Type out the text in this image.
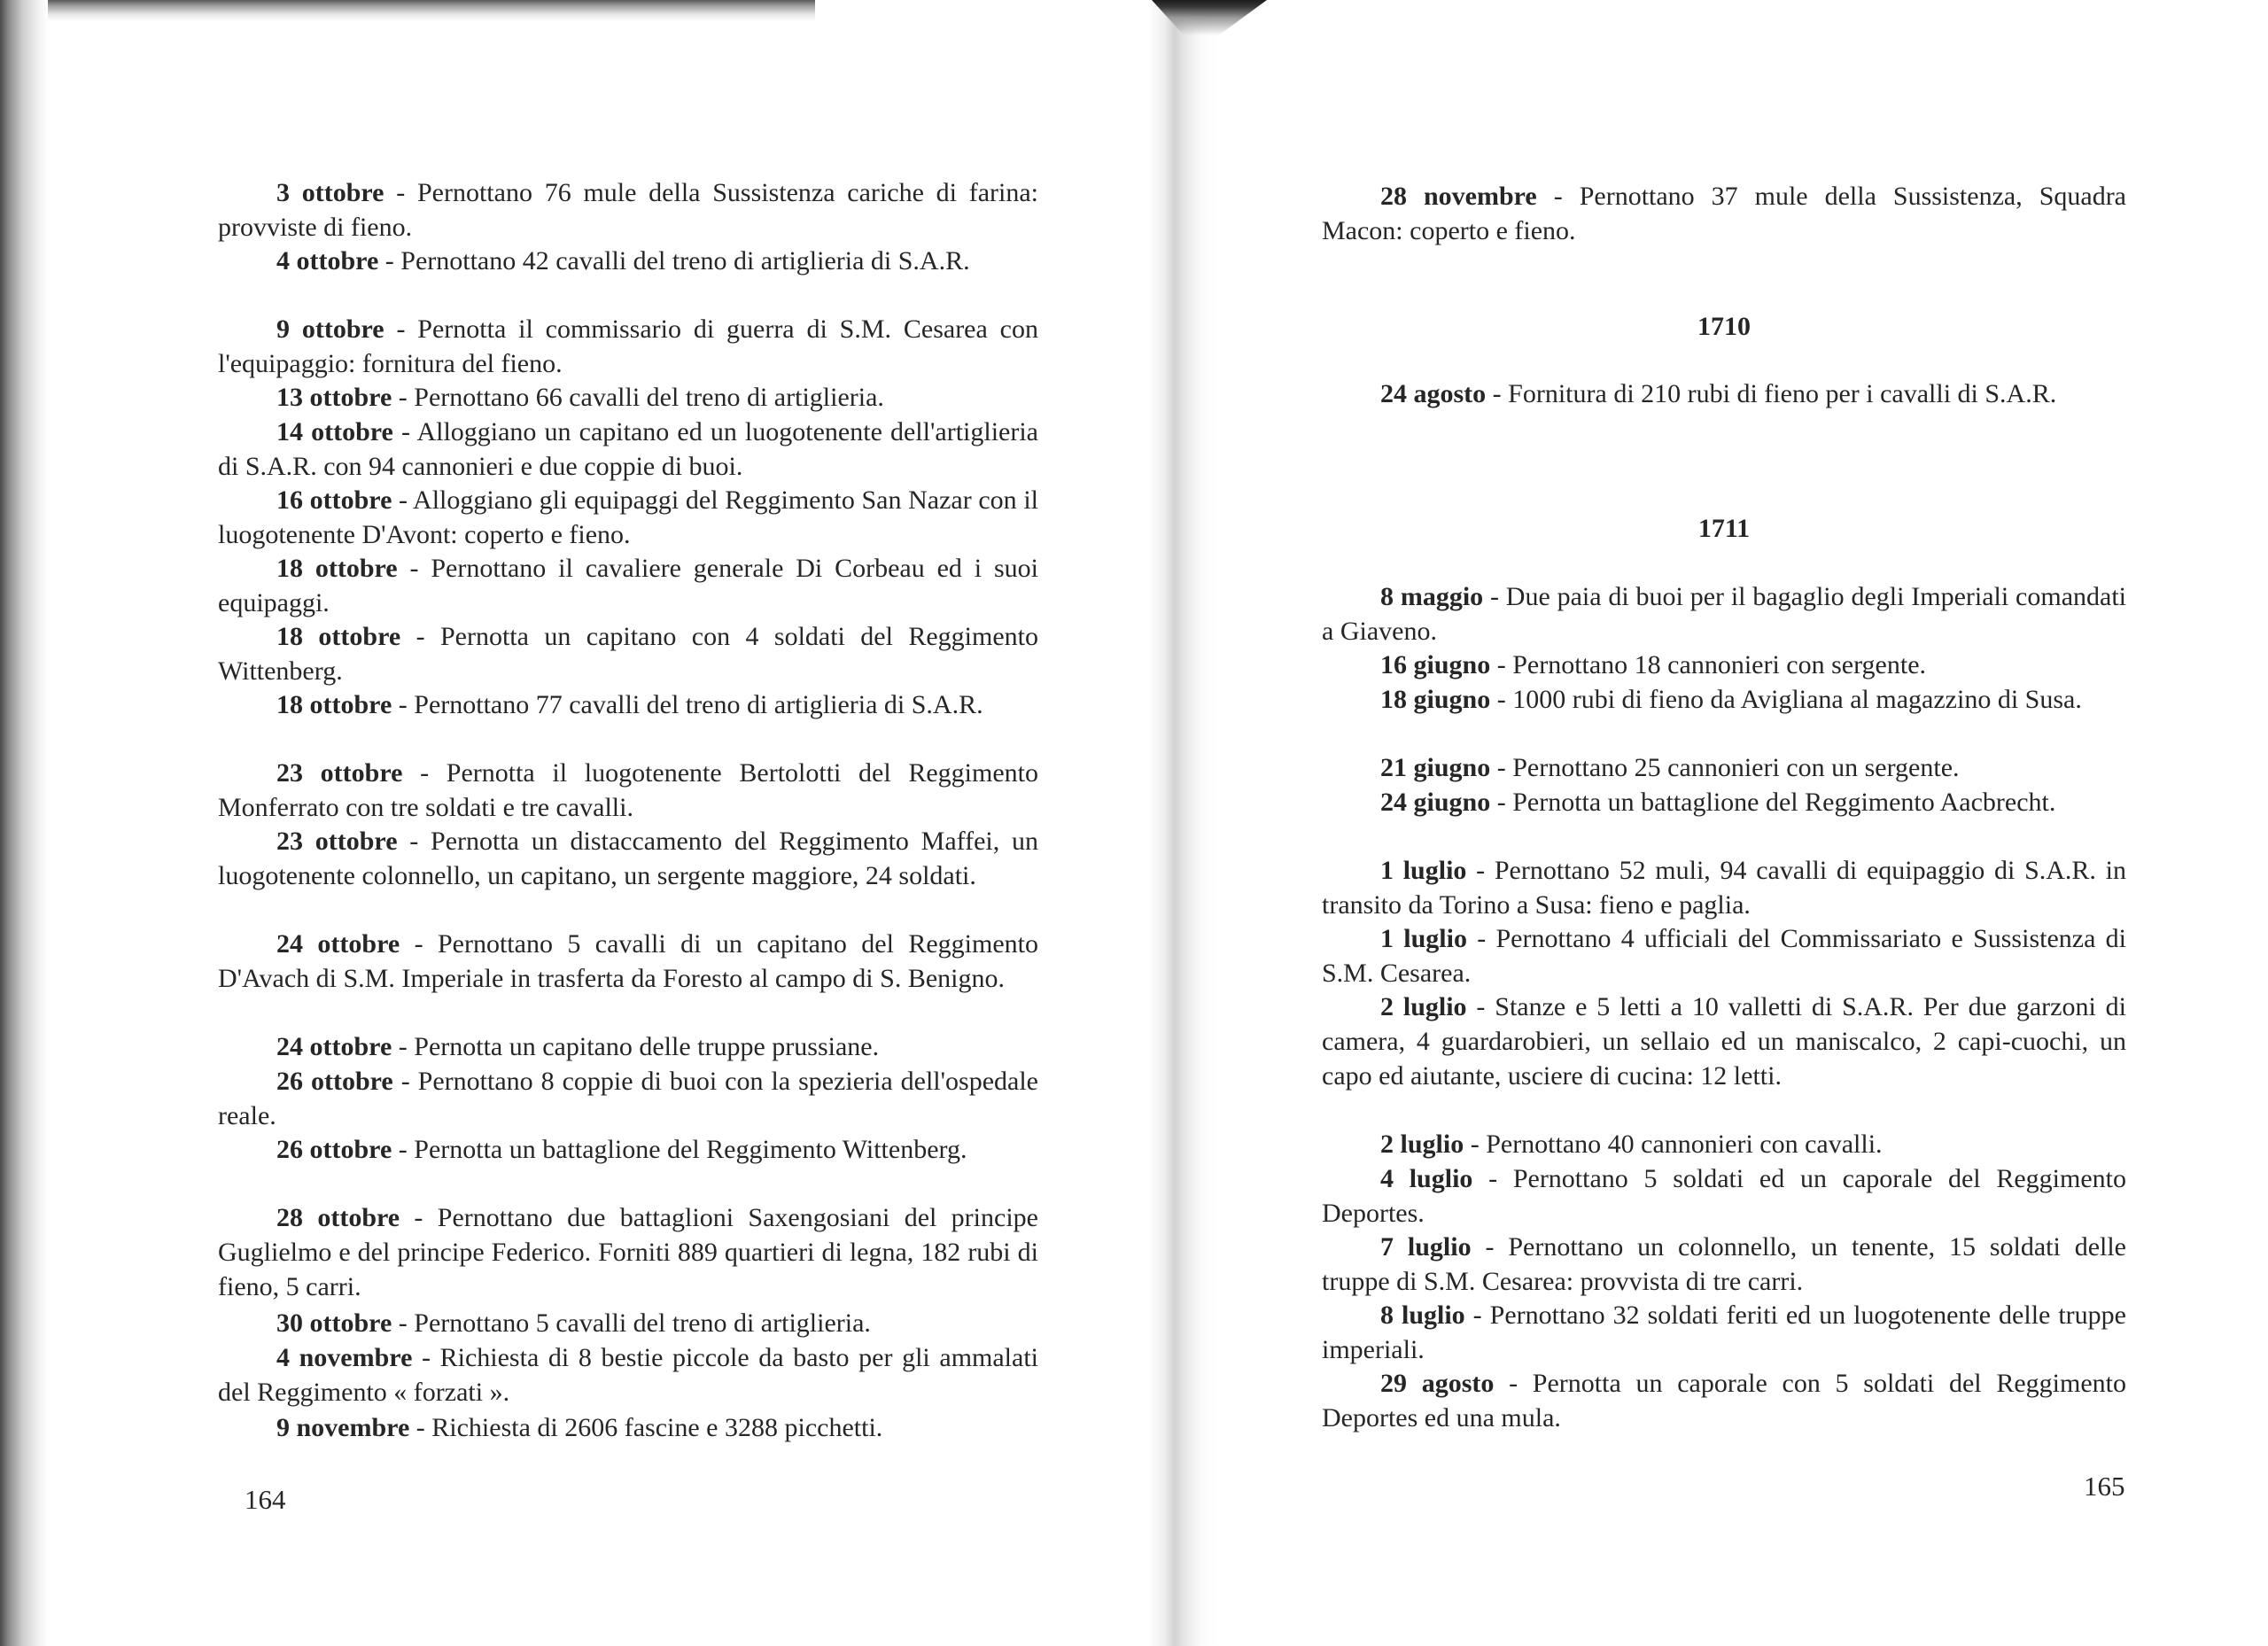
3 ottobre - Pernottano 76 mule della Sussistenza cariche di farina: provviste di fieno.
4 ottobre - Pernottano 42 cavalli del treno di artiglieria di S.A.R.
9 ottobre - Pernotta il commissario di guerra di S.M. Cesarea con l'equipaggio: fornitura del fieno.
13 ottobre - Pernottano 66 cavalli del treno di artiglieria.
14 ottobre - Alloggiano un capitano ed un luogotenente dell'artiglieria di S.A.R. con 94 cannonieri e due coppie di buoi.
16 ottobre - Alloggiano gli equipaggi del Reggimento San Nazar con il luogotenente D'Avont: coperto e fieno.
18 ottobre - Pernottano il cavaliere generale Di Corbeau ed i suoi equipaggi.
18 ottobre - Pernotta un capitano con 4 soldati del Reggimento Wittenberg.
18 ottobre - Pernottano 77 cavalli del treno di artiglieria di S.A.R.
23 ottobre - Pernotta il luogotenente Bertolotti del Reggimento Monferrato con tre soldati e tre cavalli.
23 ottobre - Pernotta un distaccamento del Reggimento Maffei, un luogotenente colonnello, un capitano, un sergente maggiore, 24 soldati.
24 ottobre - Pernottano 5 cavalli di un capitano del Reggimento D'Avach di S.M. Imperiale in trasferta da Foresto al campo di S. Benigno.
24 ottobre - Pernotta un capitano delle truppe prussiane.
26 ottobre - Pernottano 8 coppie di buoi con la spezieria dell'ospedale reale.
26 ottobre - Pernotta un battaglione del Reggimento Wittenberg.
28 ottobre - Pernottano due battaglioni Saxengosiani del principe Guglielmo e del principe Federico. Forniti 889 quartieri di legna, 182 rubi di fieno, 5 carri.
30 ottobre - Pernottano 5 cavalli del treno di artiglieria.
4 novembre - Richiesta di 8 bestie piccole da basto per gli ammalati del Reggimento « forzati ».
9 novembre - Richiesta di 2606 fascine e 3288 picchetti.
164
28 novembre - Pernottano 37 mule della Sussistenza, Squadra Macon: coperto e fieno.
1710
24 agosto - Fornitura di 210 rubi di fieno per i cavalli di S.A.R.
1711
8 maggio - Due paia di buoi per il bagaglio degli Imperiali comandati a Giaveno.
16 giugno - Pernottano 18 cannonieri con sergente.
18 giugno - 1000 rubi di fieno da Avigliana al magazzino di Susa.
21 giugno - Pernottano 25 cannonieri con un sergente.
24 giugno - Pernotta un battaglione del Reggimento Aacbrecht.
1 luglio - Pernottano 52 muli, 94 cavalli di equipaggio di S.A.R. in transito da Torino a Susa: fieno e paglia.
1 luglio - Pernottano 4 ufficiali del Commissariato e Sussistenza di S.M. Cesarea.
2 luglio - Stanze e 5 letti a 10 valletti di S.A.R. Per due garzoni di camera, 4 guardarobieri, un sellaio ed un maniscalco, 2 capi-cuochi, un capo ed aiutante, usciere di cucina: 12 letti.
2 luglio - Pernottano 40 cannonieri con cavalli.
4 luglio - Pernottano 5 soldati ed un caporale del Reggimento Deportes.
7 luglio - Pernottano un colonnello, un tenente, 15 soldati delle truppe di S.M. Cesarea: provvista di tre carri.
8 luglio - Pernottano 32 soldati feriti ed un luogotenente delle truppe imperiali.
29 agosto - Pernotta un caporale con 5 soldati del Reggimento Deportes ed una mula.
165
